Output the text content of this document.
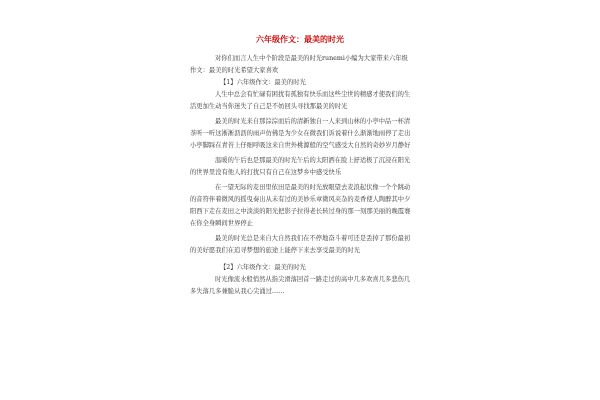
六年级作文：最美的时光

对你们而言人生中个阶段是最美的时光runemi小编为大家带来六年级作文：最美的时光希望大家喜欢

【1】六年级作文：最美的时光

人生中总会有忙碌有困扰有孤独有快乐而这些尘世的精感才使我们的生活更加生动当你迷失了自己是不妨回头寻找那最美的时光

最美的时光来自那淙淙而后的清新独自一人来到山林的小亭中品一杯清茶听一听这淅淅沥沥的雨声仿佛是为少女在微我们诉说着什么渐渐地雨停了走出小亭脚踩在青苔上仔细呼吸这来自世外桃源般的空气感受大自然的奇妙岁月静好

温暖的午后也是那最美的时光午后的太阳洒在脸上舒适极了沉浸在阳光的世界里没有他人的打扰只有自己在这梦乡中感受快乐

在一望无际的麦田里依田是最美的时光放眼望去麦浪起伏像一个个跳动的音符伴着微风的摇曳奏出从未有过的美妙乐章微风夹杂的麦香使人陶醉其中夕阳西下走在麦田之中淡淡的阳光把影子拉得老长转过身的那一刻那美丽的晚霞褰在你全身瞬间世界停止

最美的时光总是来自大自然我们在不停地奋斗着可还是丢掉了那份最初的美好愿我们在追寻梦想的旅途上能停下来去享受最美的时光

【2】六年级作文：最美的时光

时光像流水般悄然从指尖滑落回首一路走过的高中几多欢喜几多悲伤几多失落几多兼脆从我心尖涌过……
